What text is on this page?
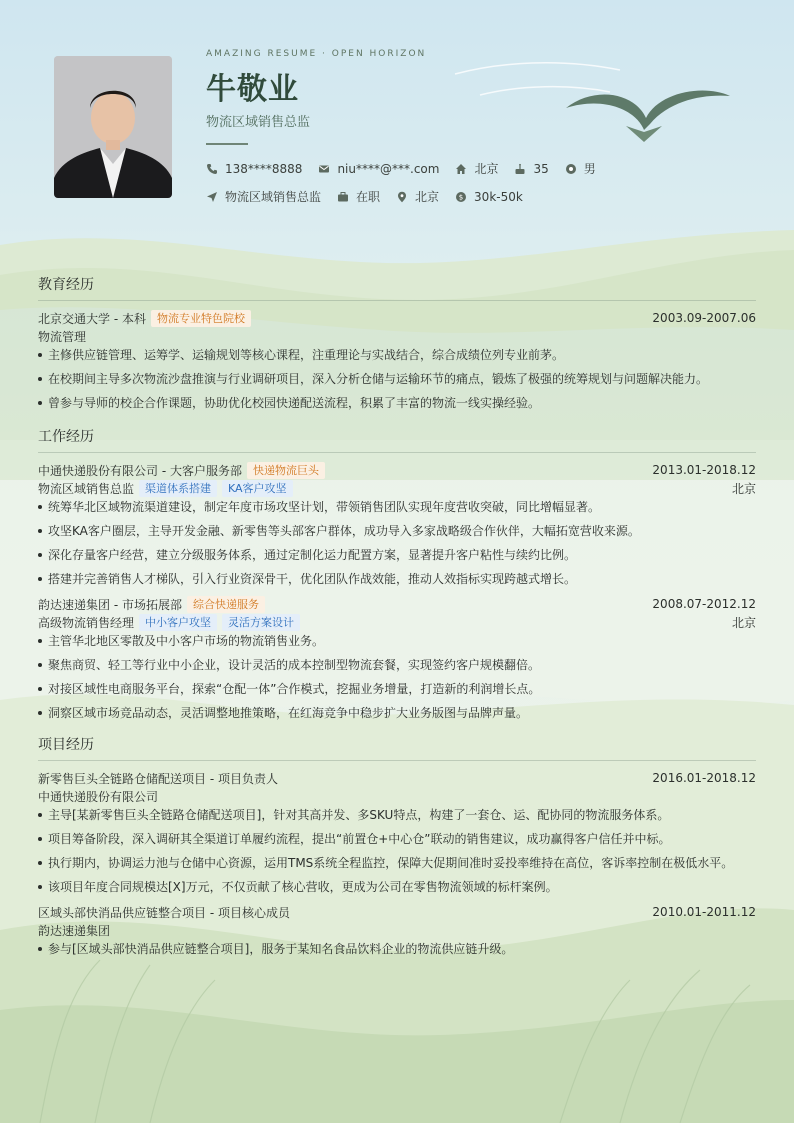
AMAZING RESUME · OPEN HORIZON
牛敬业
物流区域销售总监
138****8888	niu****@***.com	北京	35	男
物流区域销售总监	在职	北京	$ 30k-50k
教育经历
北京交通大学 - 本科	物流专业特色院校	2003.09-2007.06
物流管理
主修供应链管理、运筹学、运输规划等核心课程，注重理论与实战结合，综合成绩位列专业前茅。
在校期间主导多次物流沙盘推演与行业调研项目，深入分析仓储与运输环节的痛点，锻炼了极强的统筹规划与问题解决能力。
曾参与导师的校企合作课题，协助优化校园快递配送流程，积累了丰富的物流一线实操经验。
工作经历
中通快递股份有限公司 - 大客户服务部	快递物流巨头	2013.01-2018.12
物流区域销售总监	渠道体系搭建	KA客户攻坚	北京
统筹华北区域物流渠道建设，制定年度市场攻坚计划，带领销售团队实现年度营收突破，同比增幅显著。
攻坚KA客户圈层，主导开发金融、新零售等头部客户群体，成功导入多家战略级合作伙伴，大幅拓宽营收来源。
深化存量客户经营，建立分级服务体系，通过定制化运力配置方案，显著提升客户粘性与续约比例。
搭建并完善销售人才梯队，引入行业资深骨干，优化团队作战效能，推动人效指标实现跨越式增长。
韵达速递集团 - 市场拓展部	综合快递服务	2008.07-2012.12
高级物流销售经理	中小客户攻坚	灵活方案设计	北京
主管华北地区零散及中小客户市场的物流销售业务。
聚焦商贸、轻工等行业中小企业，设计灵活的成本控制型物流套餐，实现签约客户规模翻倍。
对接区域性电商服务平台，探索“仓配一体”合作模式，挖掘业务增量，打造新的利润增长点。
洞察区域市场竞品动态，灵活调整地推策略，在红海竞争中稳步扩大业务版图与品牌声量。
项目经历
新零售巨头全链路仓储配送项目 - 项目负责人	2016.01-2018.12
中通快递股份有限公司
主导[某新零售巨头全链路仓储配送项目]，针对其高并发、多SKU特点，构建了一套仓、运、配协同的物流服务体系。
项目筹备阶段，深入调研其全渠道订单履约流程，提出“前置仓+中心仓”联动的销售建议，成功赢得客户信任并中标。
执行期内，协调运力池与仓储中心资源，运用TMS系统全程监控，保障大促期间准时妥投率维持在高位，客诉率控制在极低水平。
该项目年度合同规模达[X]万元，不仅贡献了核心营收，更成为公司在零售物流领域的标杆案例。
区域头部快消品供应链整合项目 - 项目核心成员	2010.01-2011.12
韵达速递集团
参与[区域头部快消品供应链整合项目]，服务于某知名食品饮料企业的物流供应链升级。
